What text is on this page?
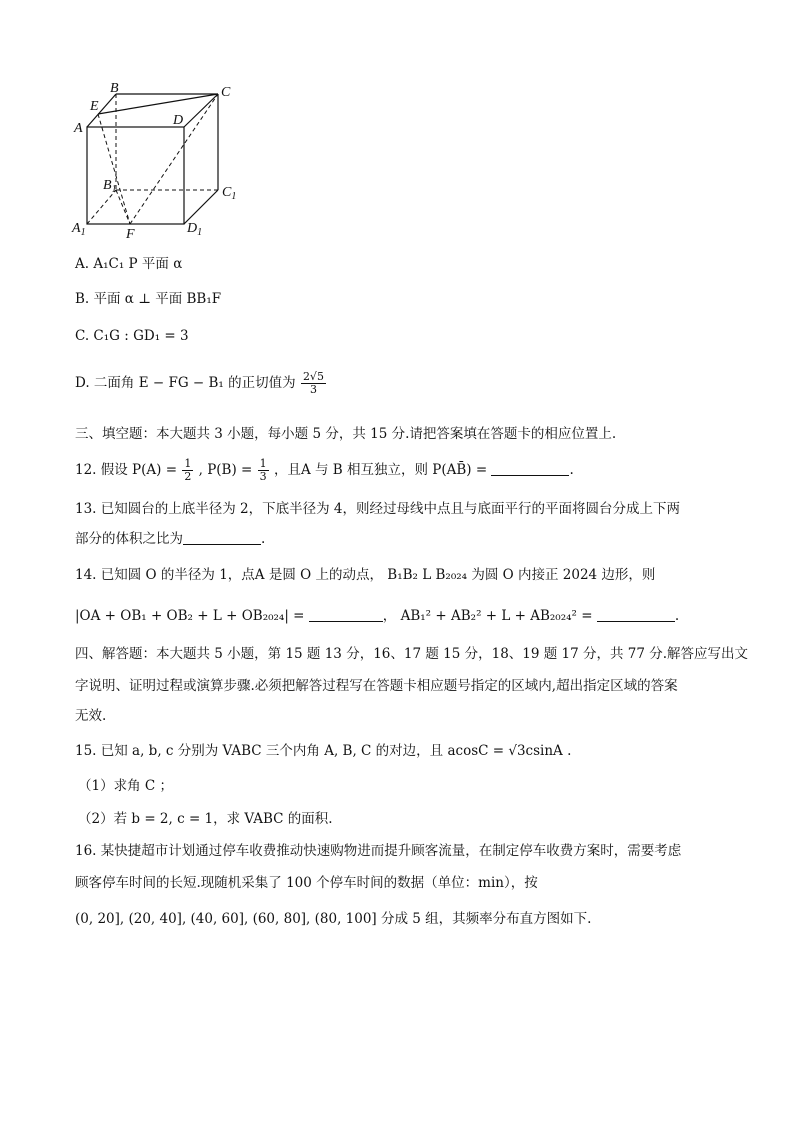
B
E
C
A
D
$B_1$	$C_1$
$A_1$	F	$D_1$
A. A₁C₁ P 平面 α
B. 平面 α ⊥ 平面 BB₁F
C. C₁G : GD₁ = 3
D. 二面角 E − FG − B₁ 的正切值为 $\frac{2√5}{3}$
三、填空题：本大题共 3 小题，每小题 5 分，共 15 分.请把答案填在答题卡的相应位置上.
12. 假设 $P(A) = \frac{1}{2}$ , $P(B) = \frac{1}{3}$ ，且A 与 B 相互独立，则 P(AB̄) =	.
13. 已知圆台的上底半径为 2，下底半径为 4，则经过母线中点且与底面平行的平面将圆台分成上下两
部分的体积之比为	.
14. 已知圆 O 的半径为 1，点A 是圆 O 上的动点， B₁B₂ L B₂₀₂₄ 为圆 O 内接正 2024 边形，则
|OA + OB₁ + OB₂ + L + OB₂₀₂₄| =	， AB₁² + AB₂² + L + AB₂₀₂₄² =	.
四、解答题：本大题共 5 小题，第 15 题 13 分，16、17 题 15 分，18、19 题 17 分，共 77 分.解答应写出文
字说明、证明过程或演算步骤.必须把解答过程写在答题卡相应题号指定的区域内,超出指定区域的答案
无效.
15. 已知 a, b, c 分别为 VABC 三个内角 A, B, C 的对边，且 acosC = √3csinA .
（1）求角 C ；
（2）若 b = 2, c = 1，求 VABC 的面积.
16. 某快捷超市计划通过停车收费推动快速购物进而提升顾客流量，在制定停车收费方案时，需要考虑
顾客停车时间的长短.现随机采集了 100 个停车时间的数据（单位：min），按
(0, 20], (20, 40], (40, 60], (60, 80], (80, 100] 分成 5 组，其频率分布直方图如下.
